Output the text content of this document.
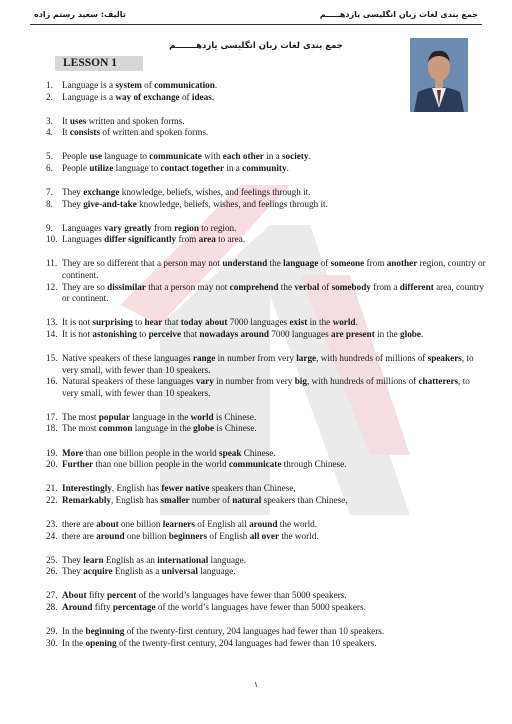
تالیف: سعید رستم زاده	جمع بندی لغات زبان انگلیسی یازدهـــــم
جمع بندی لغات زبان انگلیسی یازدهـــــــم
LESSON 1
1. Language is a system of communication.
2. Language is a way of exchange of ideas.
3. It uses written and spoken forms.
4. It consists of written and spoken forms.
5. People use language to communicate with each other in a society.
6. People utilize language to contact together in a community.
7. They exchange knowledge, beliefs, wishes, and feelings through it.
8. They give-and-take knowledge, beliefs, wishes, and feelings through it.
9. Languages vary greatly from region to region.
10. Languages differ significantly from area to area.
11. They are so different that a person may not understand the language of someone from another region, country or continent.
12. They are so dissimilar that a person may not comprehend the verbal of somebody from a different area, country or continent.
13. It is not surprising to hear that today about 7000 languages exist in the world.
14. It is not astonishing to perceive that nowadays around 7000 languages are present in the globe.
15. Native speakers of these languages range in number from very large, with hundreds of millions of speakers, to very small, with fewer than 10 speakers.
16. Natural speakers of these languages vary in number from very big, with hundreds of millions of chatterers, to very small, with fewer than 10 speakers.
17. The most popular language in the world is Chinese.
18. The most common language in the globe is Chinese.
19. More than one billion people in the world speak Chinese.
20. Further than one billion people in the world communicate through Chinese.
21. Interestingly, English has fewer native speakers than Chinese,
22. Remarkably, English has smaller number of natural speakers than Chinese,
23. there are about one billion learners of English all around the world.
24. there are around one billion beginners of English all over the world.
25. They learn English as an international language.
26. They acquire English as a universal language.
27. About fifty percent of the world’s languages have fewer than 5000 speakers.
28. Around fifty percentage of the world’s languages have fewer than 5000 speakers.
29. In the beginning of the twenty-first century, 204 languages had fewer than 10 speakers.
30. In the opening of the twenty-first century, 204 languages had fewer than 10 speakers.
۱
